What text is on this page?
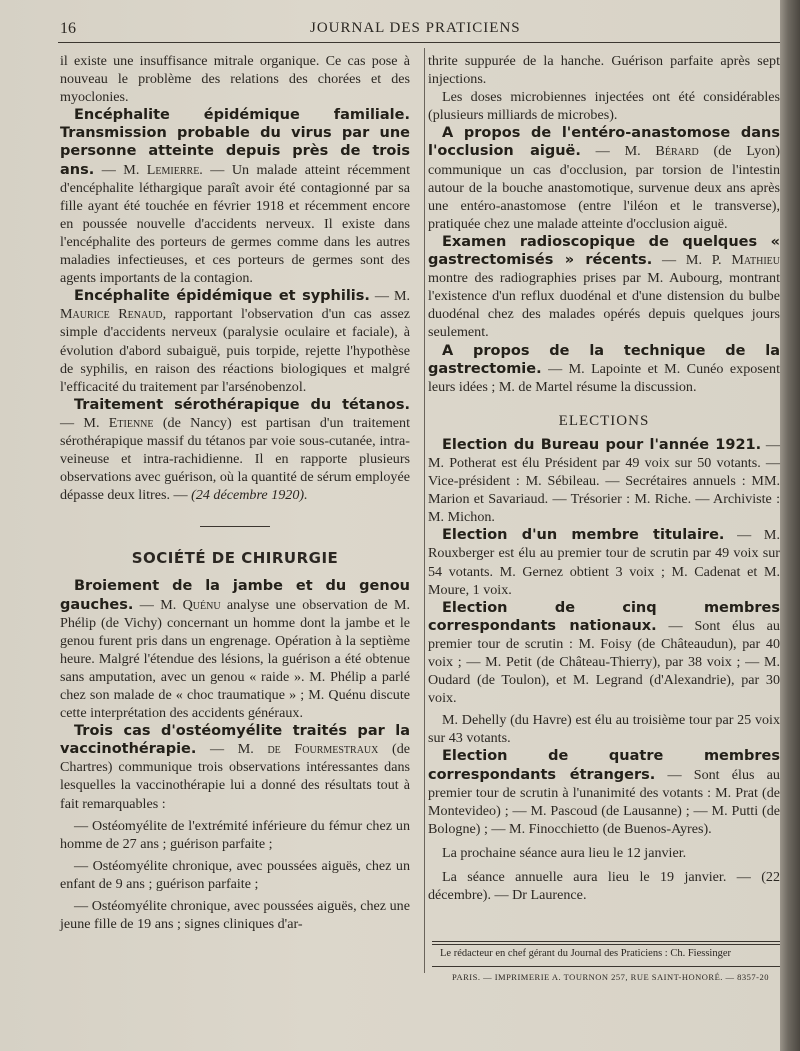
16	JOURNAL DES PRATICIENS

il existe une insuffisance mitrale organique. Ce cas pose à nouveau le problème des relations des chorées et des myoclonies.

Encéphalite épidémique familiale. Transmission probable du virus par une personne atteinte depuis près de trois ans. — M. Lemierre. — Un malade atteint récemment d'encéphalite léthargique paraît avoir été contagionné par sa fille ayant été touchée en février 1918 et récemment encore en poussée nouvelle d'accidents nerveux. Il existe dans l'encéphalite des porteurs de germes comme dans les autres maladies infectieuses, et ces porteurs de germes sont des agents importants de la contagion.

Encéphalite épidémique et syphilis. — M. Maurice Renaud, rapportant l'observation d'un cas assez simple d'accidents nerveux (paralysie oculaire et faciale), à évolution d'abord subaiguë, puis torpide, rejette l'hypothèse de syphilis, en raison des réactions biologiques et malgré l'efficacité du traitement par l'arsénobenzol.

Traitement sérothérapique du tétanos. — M. Etienne (de Nancy) est partisan d'un traitement sérothérapique massif du tétanos par voie sous-cutanée, intra-veineuse et intra-rachidienne. Il en rapporte plusieurs observations avec guérison, où la quantité de sérum employée dépasse deux litres. — (24 décembre 1920).

SOCIÉTÉ DE CHIRURGIE

Broiement de la jambe et du genou gauches. — M. Quénu analyse une observation de M. Phélip (de Vichy) concernant un homme dont la jambe et le genou furent pris dans un engrenage. Opération à la septième heure. Malgré l'étendue des lésions, la guérison a été obtenue sans amputation, avec un genou « raide ». M. Phélip a parlé chez son malade de « choc traumatique » ; M. Quénu discute cette interprétation des accidents généraux.

Trois cas d'ostéomyélite traités par la vaccinothérapie. — M. de Fourmestraux (de Chartres) communique trois observations intéressantes dans lesquelles la vaccinothérapie lui a donné des résultats tout à fait remarquables :

— Ostéomyélite de l'extrémité inférieure du fémur chez un homme de 27 ans ; guérison parfaite ;

— Ostéomyélite chronique, avec poussées aiguës, chez un enfant de 9 ans ; guérison parfaite ;

— Ostéomyélite chronique, avec poussées aiguës, chez une jeune fille de 19 ans ; signes cliniques d'ar-

thrite suppurée de la hanche. Guérison parfaite après sept injections.

Les doses microbiennes injectées ont été considérables (plusieurs milliards de microbes).

A propos de l'entéro-anastomose dans l'occlusion aiguë. — M. Bérard (de Lyon) communique un cas d'occlusion, par torsion de l'intestin autour de la bouche anastomotique, survenue deux ans après une entéro-anastomose (entre l'iléon et le transverse), pratiquée chez une malade atteinte d'occlusion aiguë.

Examen radioscopique de quelques « gastrectomisés » récents. — M. P. Mathieu montre des radiographies prises par M. Aubourg, montrant l'existence d'un reflux duodénal et d'une distension du bulbe duodénal chez des malades opérés depuis quelques jours seulement.

A propos de la technique de la gastrectomie. — M. Lapointe et M. Cunéo exposent leurs idées ; M. de Martel résume la discussion.

ELECTIONS

Election du Bureau pour l'année 1921. — M. Potherat est élu Président par 49 voix sur 50 votants. — Vice-président : M. Sébileau. — Secrétaires annuels : MM. Marion et Savariaud. — Trésorier : M. Riche. — Archiviste : M. Michon.

Election d'un membre titulaire. — M. Rouxberger est élu au premier tour de scrutin par 49 voix sur 54 votants. M. Gernez obtient 3 voix ; M. Cadenat et M. Moure, 1 voix.

Election de cinq membres correspondants nationaux. — Sont élus au premier tour de scrutin : M. Foisy (de Châteaudun), par 40 voix ; — M. Petit (de Château-Thierry), par 38 voix ; — M. Oudard (de Toulon), et M. Legrand (d'Alexandrie), par 30 voix.

M. Dehelly (du Havre) est élu au troisième tour par 25 voix sur 43 votants.

Election de quatre membres correspondants étrangers. — Sont élus au premier tour de scrutin à l'unanimité des votants : M. Prat (de Montevideo) ; — M. Pascoud (de Lausanne) ; — M. Putti (de Bologne) ; — M. Finocchietto (de Buenos-Ayres).

La prochaine séance aura lieu le 12 janvier.

La séance annuelle aura lieu le 19 janvier. — (22 décembre). — Dr Laurence.

Le rédacteur en chef gérant du Journal des Praticiens : Ch. Fiessinger
PARIS. — IMPRIMERIE A. TOURNON 257, RUE SAINT-HONORÉ. — 8357-20
